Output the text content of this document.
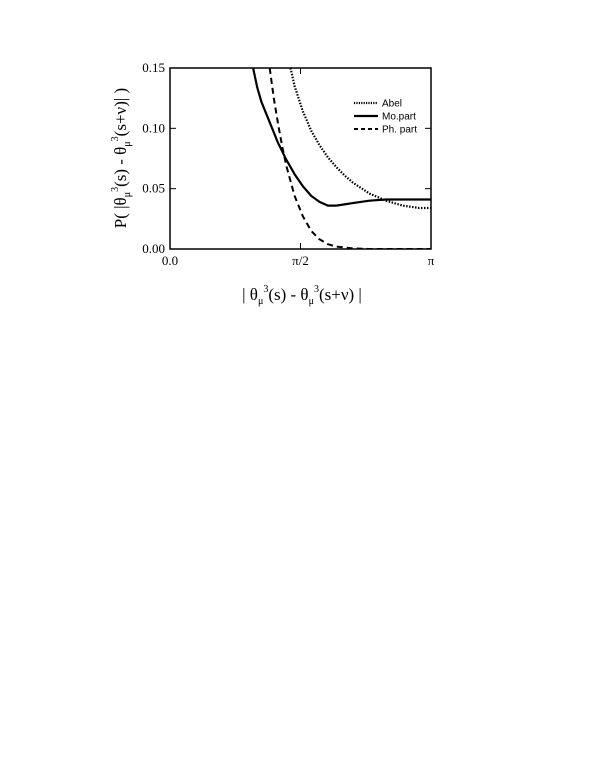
0.00
0.05
0.10
0.15
0.0	π/2	π
Abel
Mo.part
Ph. part
P( $|\theta_\mu^3(s) - \theta_\mu^3(s+\nu)|$ )
| $\theta_\mu^3(s) - \theta_\mu^3(s+\nu)$ |
